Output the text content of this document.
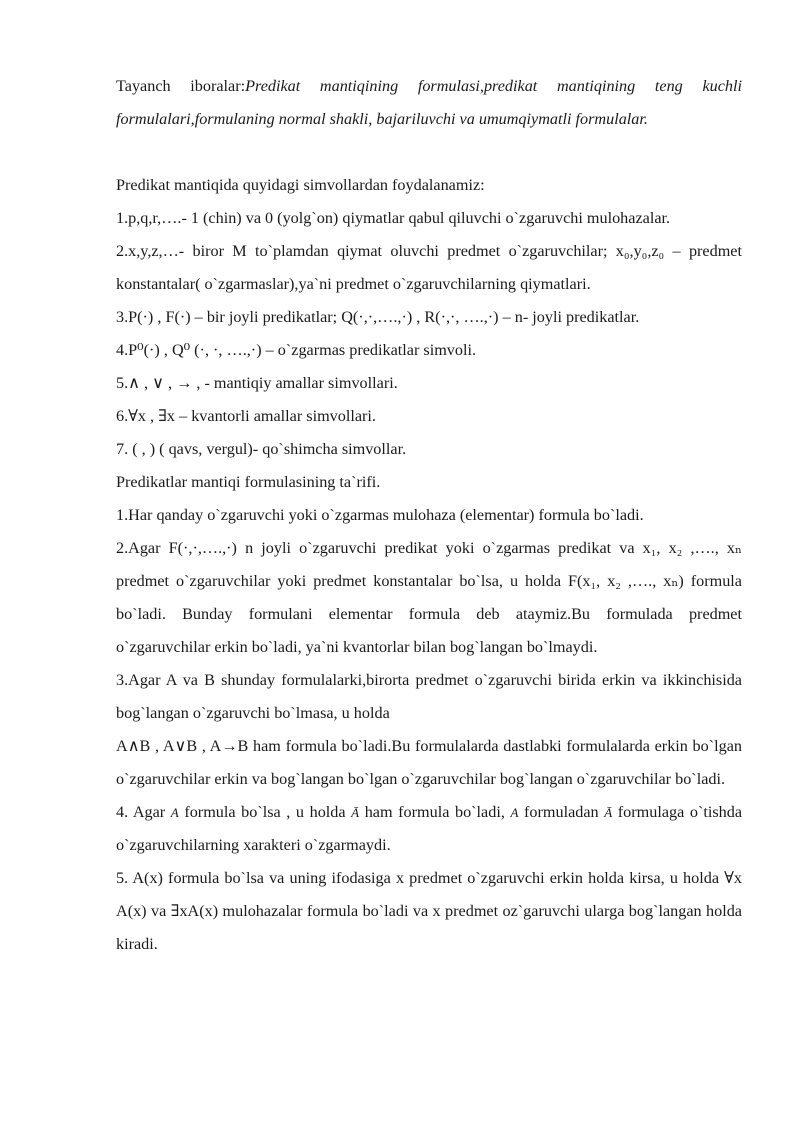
Tayanch iboralar:Predikat mantiqining formulasi,predikat mantiqining teng kuchli formulalari,formulaning normal shakli, bajariluvchi va umumqiymatli formulalar.

Predikat mantiqida quyidagi simvollardan foydalanamiz:

1.p,q,r,….- 1 (chin) va 0 (yolg`on) qiymatlar qabul qiluvchi o`zgaruvchi mulohazalar.

2.x,y,z,…- biror M to`plamdan qiymat oluvchi predmet o`zgaruvchilar; x₀,y₀,z₀ – predmet konstantalar( o`zgarmaslar),ya`ni predmet o`zgaruvchilarning qiymatlari.

3.P(·) , F(·) – bir joyli predikatlar; Q(·,·,….,·) , R(·,·, ….,·) – n- joyli predikatlar.

4.P⁰(·) , Q⁰ (·, ·, ….,·) – o`zgarmas predikatlar simvoli.

5.∧ , ∨ , → , - mantiqiy amallar simvollari.

6.∀x , ∃x – kvantorli amallar simvollari.

7. ( , ) ( qavs, vergul)- qo`shimcha simvollar.

Predikatlar mantiqi formulasining ta`rifi.

1.Har qanday o`zgaruvchi yoki o`zgarmas mulohaza (elementar) formula bo`ladi.

2.Agar F(·,·,….,·) n joyli o`zgaruvchi predikat yoki o`zgarmas predikat va x₁, x₂ ,…., xₙ predmet o`zgaruvchilar yoki predmet konstantalar bo`lsa, u holda F(x₁, x₂ ,…., xₙ) formula bo`ladi. Bunday formulani elementar formula deb ataymiz.Bu formulada predmet o`zgaruvchilar erkin bo`ladi, ya`ni kvantorlar bilan bog`langan bo`lmaydi.

3.Agar A va B shunday formulalarki,birorta predmet o`zgaruvchi birida erkin va ikkinchisida bog`langan o`zgaruvchi bo`lmasa, u holda

A∧B , A∨B , A→B ham formula bo`ladi.Bu formulalarda dastlabki formulalarda erkin bo`lgan o`zgaruvchilar erkin va bog`langan bo`lgan o`zgaruvchilar bog`langan o`zgaruvchilar bo`ladi.

4. Agar A formula bo`lsa , u holda Ā ham formula bo`ladi, A formuladan Ā formulaga o`tishda o`zgaruvchilarning xarakteri o`zgarmaydi.

5. A(x) formula bo`lsa va uning ifodasiga x predmet o`zgaruvchi erkin holda kirsa, u holda ∀x A(x) va ∃xA(x) mulohazalar formula bo`ladi va x predmet oz`garuvchi ularga bog`langan holda kiradi.
